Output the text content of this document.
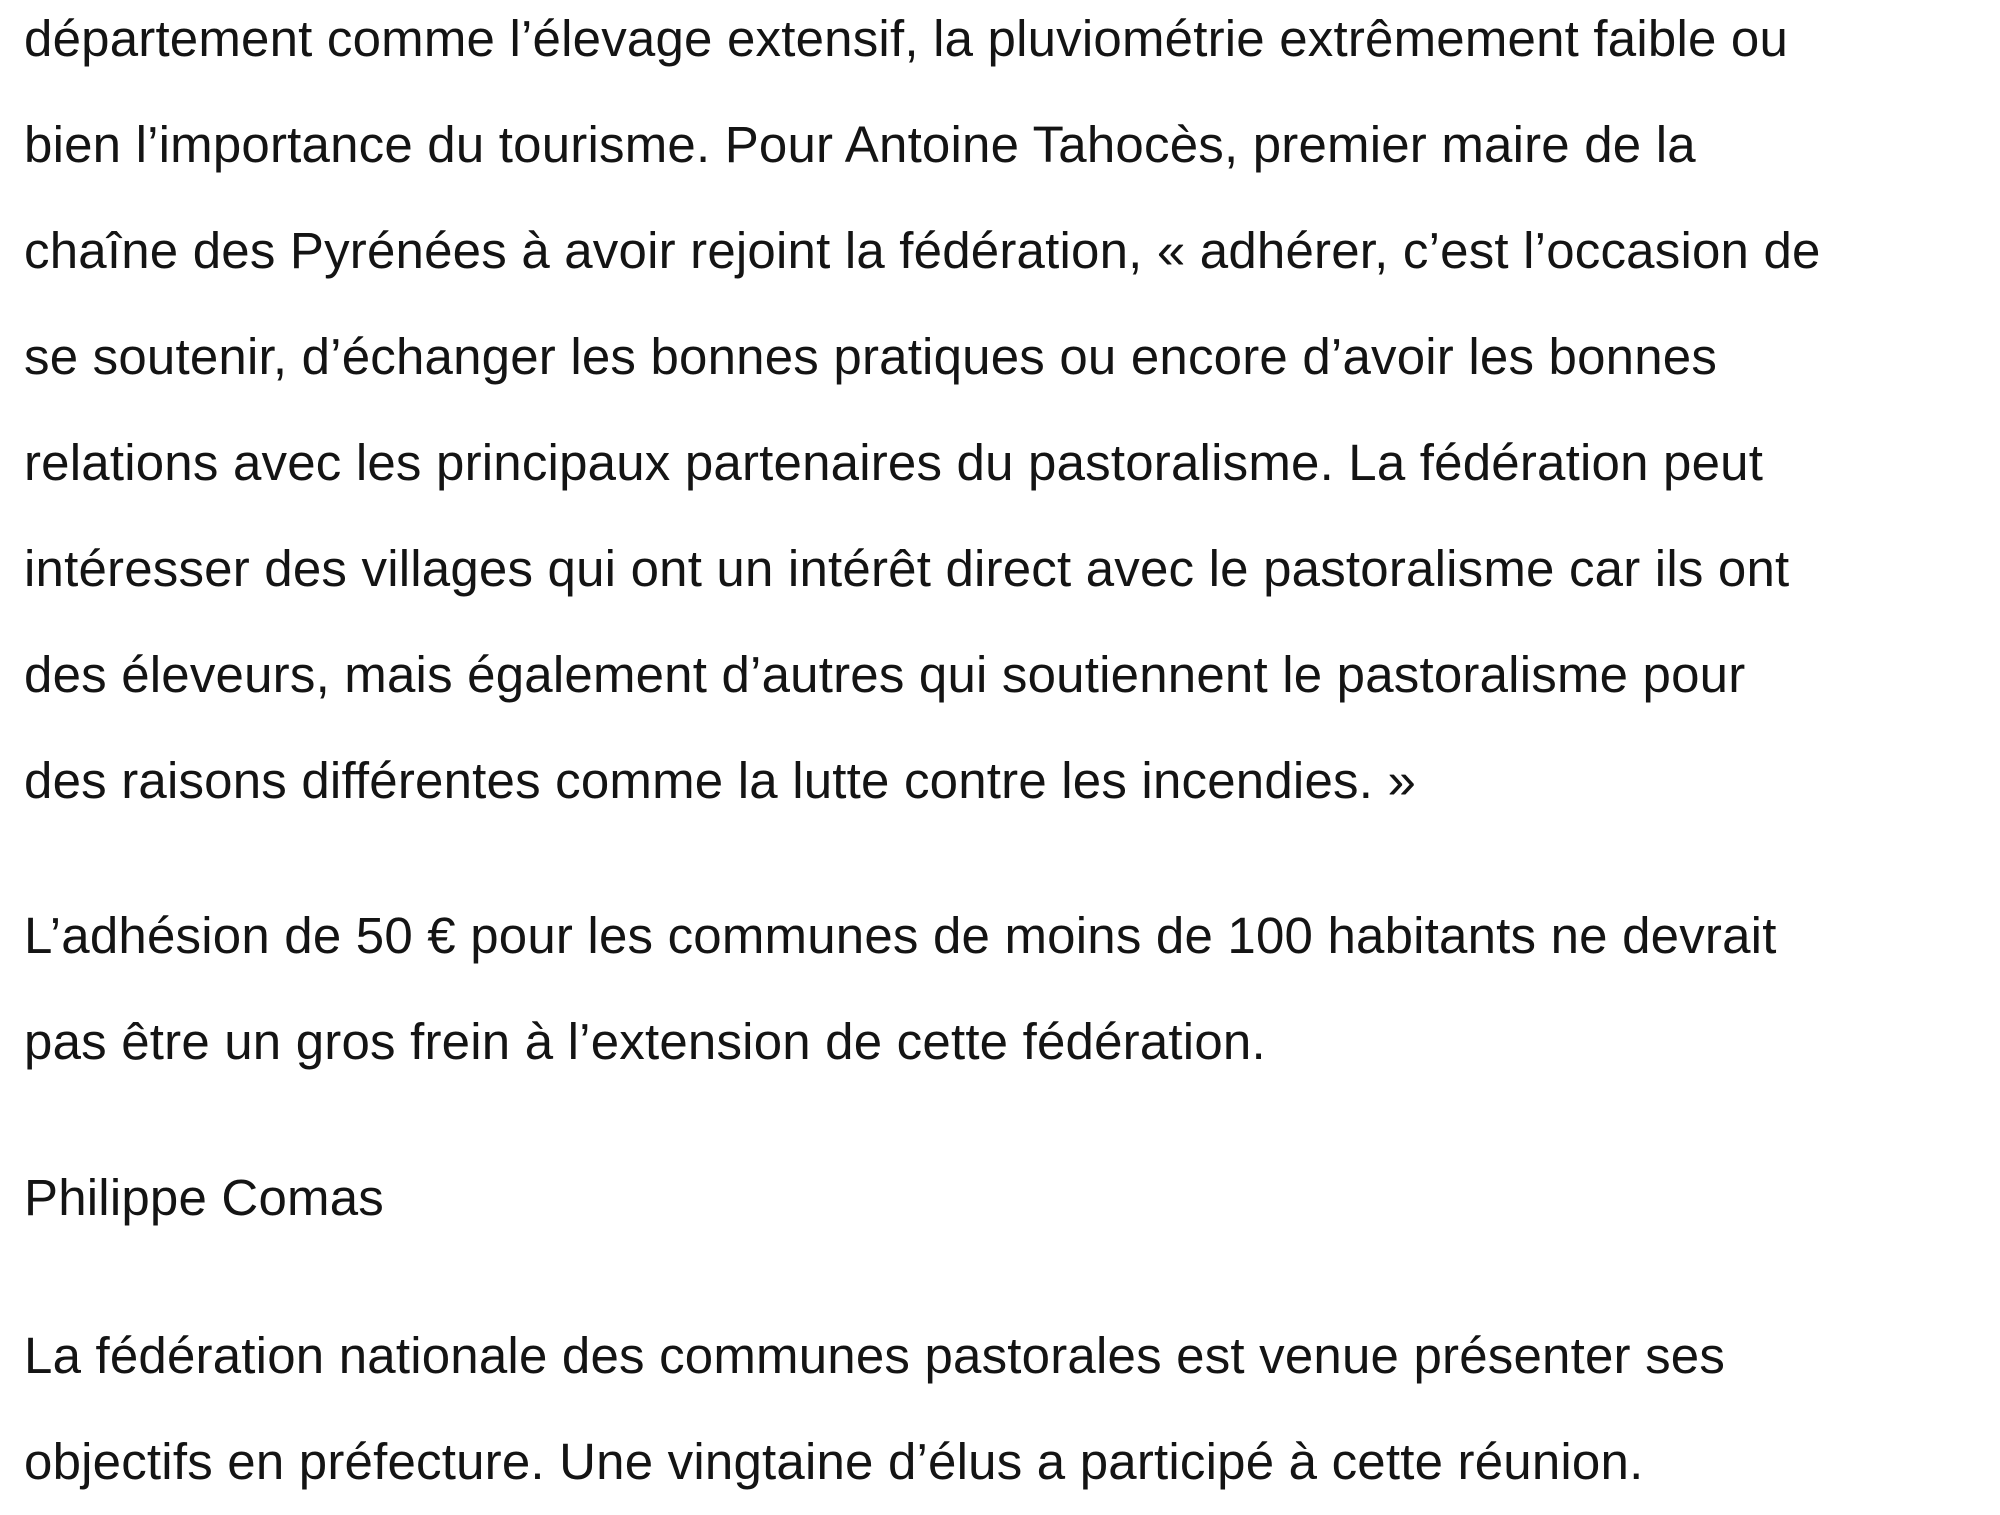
département comme l’élevage extensif, la pluviométrie extrêmement faible ou
bien l’importance du tourisme. Pour Antoine Tahocès, premier maire de la
chaîne des Pyrénées à avoir rejoint la fédération, « adhérer, c’est l’occasion de
se soutenir, d’échanger les bonnes pratiques ou encore d’avoir les bonnes
relations avec les principaux partenaires du pastoralisme. La fédération peut
intéresser des villages qui ont un intérêt direct avec le pastoralisme car ils ont
des éleveurs, mais également d’autres qui soutiennent le pastoralisme pour
des raisons différentes comme la lutte contre les incendies. »

L’adhésion de 50 € pour les communes de moins de 100 habitants ne devrait
pas être un gros frein à l’extension de cette fédération.

Philippe Comas

La fédération nationale des communes pastorales est venue présenter ses
objectifs en préfecture. Une vingtaine d’élus a participé à cette réunion.
